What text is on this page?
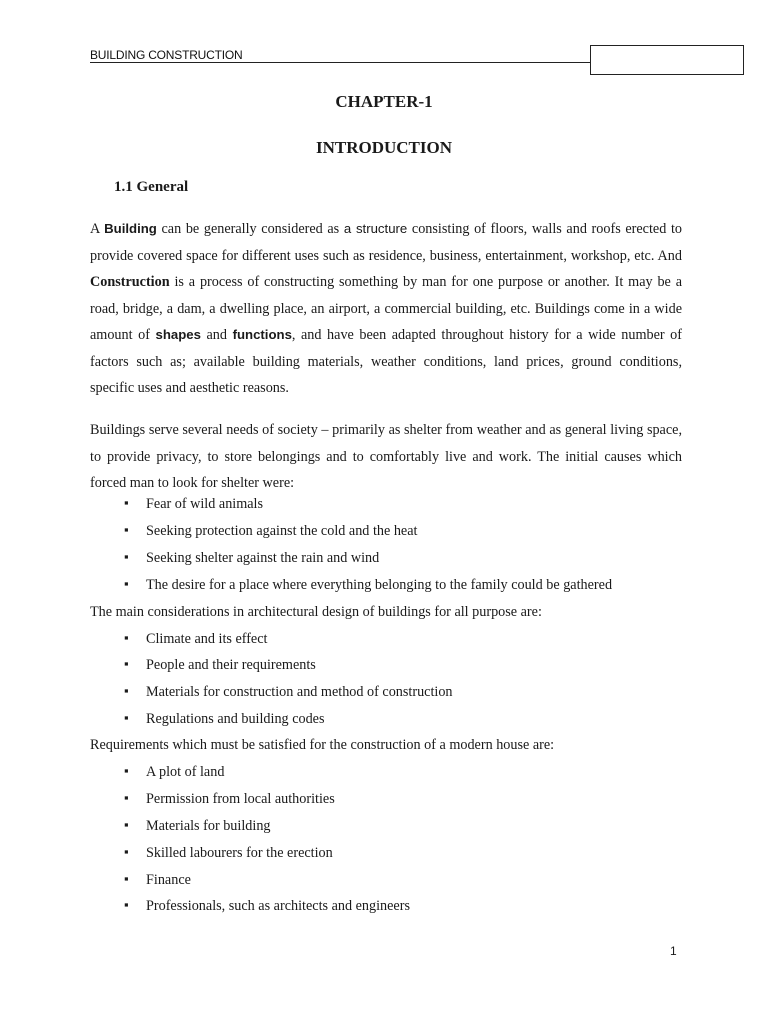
BUILDING CONSTRUCTION
CHAPTER-1
INTRODUCTION
1.1 General
A Building can be generally considered as a structure consisting of floors, walls and roofs erected to provide covered space for different uses such as residence, business, entertainment, workshop, etc. And Construction is a process of constructing something by man for one purpose or another. It may be a road, bridge, a dam, a dwelling place, an airport, a commercial building, etc. Buildings come in a wide amount of shapes and functions, and have been adapted throughout history for a wide number of factors such as; available building materials, weather conditions, land prices, ground conditions, specific uses and aesthetic reasons.
Buildings serve several needs of society – primarily as shelter from weather and as general living space, to provide privacy, to store belongings and to comfortably live and work. The initial causes which forced man to look for shelter were:
▪ Fear of wild animals
▪ Seeking protection against the cold and the heat
▪ Seeking shelter against the rain and wind
▪ The desire for a place where everything belonging to the family could be gathered
The main considerations in architectural design of buildings for all purpose are:
▪ Climate and its effect
▪ People and their requirements
▪ Materials for construction and method of construction
▪ Regulations and building codes
Requirements which must be satisfied for the construction of a modern house are:
▪ A plot of land
▪ Permission from local authorities
▪ Materials for building
▪ Skilled labourers for the erection
▪ Finance
▪ Professionals, such as architects and engineers
1
